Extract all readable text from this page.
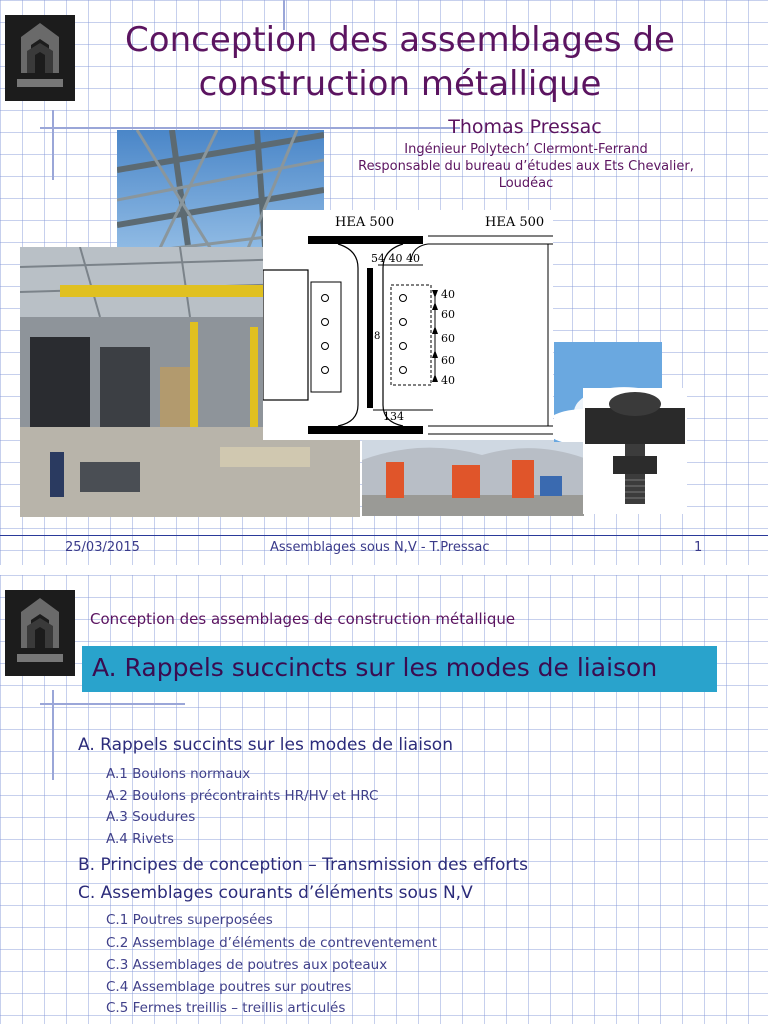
Conception des assemblages de
construction métallique
Thomas Pressac
Ingénieur Polytech’ Clermont-Ferrand
Responsable du bureau d’études aux Ets Chevalier,
Loudéac
HEA 500	HEA 500
54 40 40
40
60
60
60
40
8
134
25/03/2015	Assemblages sous N,V - T.Pressac	1
Conception des assemblages de construction métallique
A. Rappels succincts sur les modes de liaison
A. Rappels succints sur les modes de liaison
A.1 Boulons normaux
A.2 Boulons précontraints HR/HV et HRC
A.3 Soudures
A.4 Rivets
B. Principes de conception – Transmission des efforts
C. Assemblages courants d’éléments sous N,V
C.1 Poutres superposées
C.2 Assemblage d’éléments de contreventement
C.3 Assemblages de poutres aux poteaux
C.4 Assemblage poutres sur poutres
C.5 Fermes treillis – treillis articulés
